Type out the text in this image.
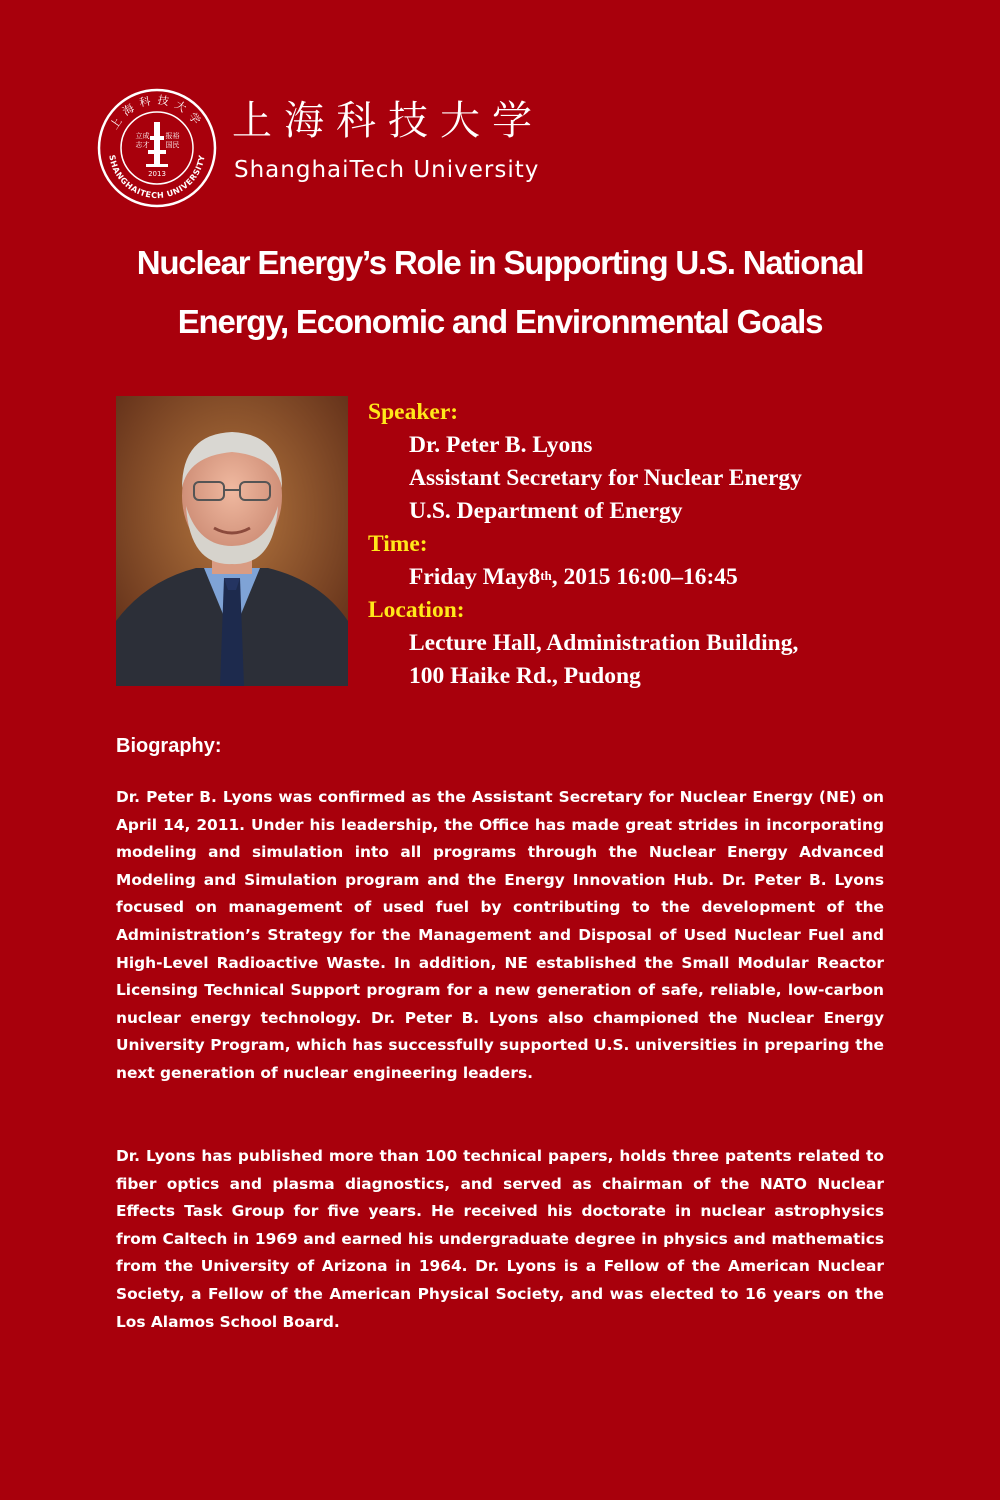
上海科技大学
SHANGHAITECH UNIVERSITY
立
志
成
才
报
国
裕
民
2013
上海科技大学
ShanghaiTech University
Nuclear Energy’s Role in Supporting U.S. National
Energy, Economic and Environmental Goals
Speaker:
Dr. Peter B. Lyons
Assistant Secretary for Nuclear Energy
U.S. Department of Energy
Time:
Friday May8th, 2015 16:00–16:45
Location:
Lecture Hall, Administration Building,
100 Haike Rd., Pudong
Biography:

Dr. Peter B. Lyons was confirmed as the Assistant Secretary for Nuclear Energy (NE) on April 14, 2011. Under his leadership, the Office has made great strides in incorporating modeling and simulation into all programs through the Nuclear Energy Advanced Modeling and Simulation program and the Energy Innovation Hub. Dr. Peter B. Lyons focused on management of used fuel by contributing to the development of the Administration’s Strategy for the Management and Disposal of Used Nuclear Fuel and High-Level Radioactive Waste. In addition, NE established the Small Modular Reactor Licensing Technical Support program for a new generation of safe, reliable, low-carbon nuclear energy technology. Dr. Peter B. Lyons also championed the Nuclear Energy University Program, which has successfully supported U.S. universities in preparing the next generation of nuclear engineering leaders.

Dr. Lyons has published more than 100 technical papers, holds three patents related to fiber optics and plasma diagnostics, and served as chairman of the NATO Nuclear Effects Task Group for five years. He received his doctorate in nuclear astrophysics from Caltech in 1969 and earned his undergraduate degree in physics and mathematics from the University of Arizona in 1964. Dr. Lyons is a Fellow of the American Nuclear Society, a Fellow of the American Physical Society, and was elected to 16 years on the Los Alamos School Board.
